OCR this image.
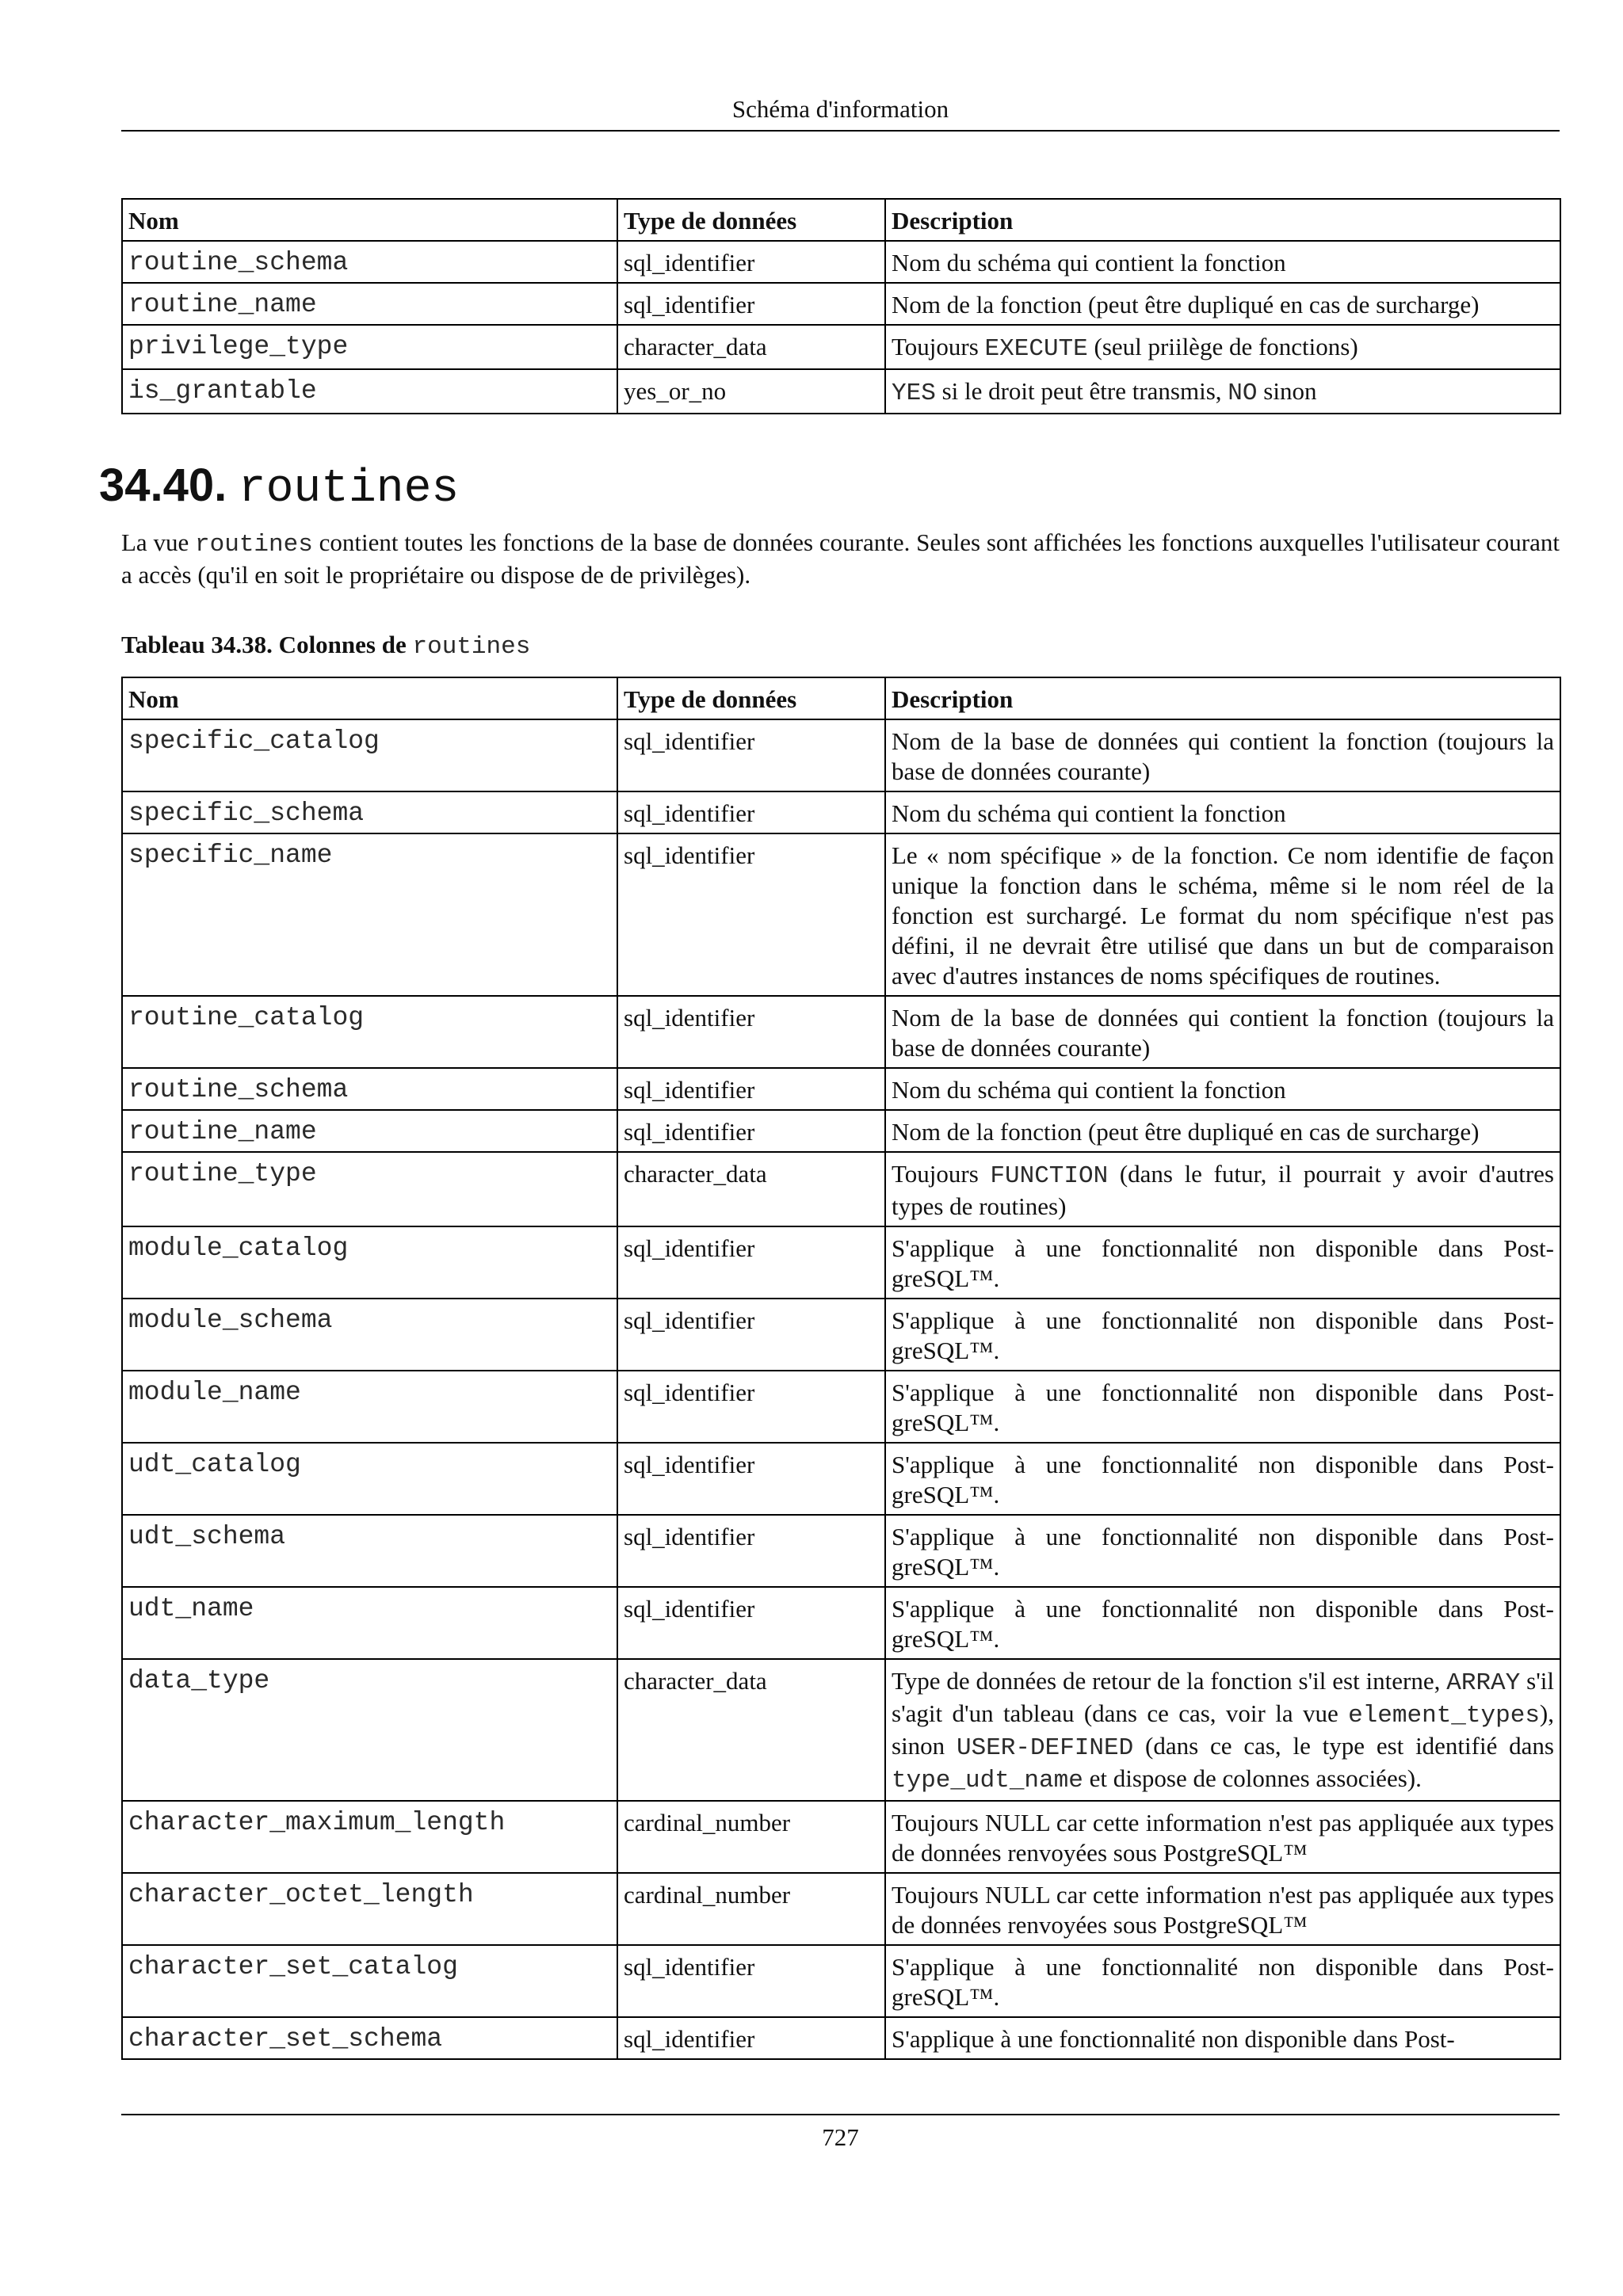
Schéma d'information
Nom	Type de données	Description
routine_schema	sql_identifier	Nom du schéma qui contient la fonction
routine_name	sql_identifier	Nom de la fonction (peut être dupliqué en cas de surcharge)
privilege_type	character_data	Toujours EXECUTE (seul priilège de fonctions)
is_grantable	yes_or_no	YES si le droit peut être transmis, NO sinon
34.40. routines
La vue routines contient toutes les fonctions de la base de données courante. Seules sont affichées les fonctions auxquelles l'utilisateur courant a accès (qu'il en soit le propriétaire ou dispose de de privilèges).
Tableau 34.38. Colonnes de routines
Nom	Type de données	Description
specific_catalog	sql_identifier	Nom de la base de données qui contient la fonction (toujours la base de données courante)
specific_schema	sql_identifier	Nom du schéma qui contient la fonction
specific_name	sql_identifier	Le « nom spécifique » de la fonction. Ce nom identifie de façon unique la fonction dans le schéma, même si le nom réel de la fonction est surchargé. Le format du nom spécifique n'est pas défini, il ne devrait être utilisé que dans un but de comparaison avec d'autres instances de noms spécifiques de routines.
routine_catalog	sql_identifier	Nom de la base de données qui contient la fonction (toujours la base de données courante)
routine_schema	sql_identifier	Nom du schéma qui contient la fonction
routine_name	sql_identifier	Nom de la fonction (peut être dupliqué en cas de surcharge)
routine_type	character_data	Toujours FUNCTION (dans le futur, il pourrait y avoir d'autres types de routines)
module_catalog	sql_identifier	S'applique à une fonctionnalité non disponible dans PostgreSQL™.
module_schema	sql_identifier	S'applique à une fonctionnalité non disponible dans PostgreSQL™.
module_name	sql_identifier	S'applique à une fonctionnalité non disponible dans PostgreSQL™.
udt_catalog	sql_identifier	S'applique à une fonctionnalité non disponible dans PostgreSQL™.
udt_schema	sql_identifier	S'applique à une fonctionnalité non disponible dans PostgreSQL™.
udt_name	sql_identifier	S'applique à une fonctionnalité non disponible dans PostgreSQL™.
data_type	character_data	Type de données de retour de la fonction s'il est interne, ARRAY s'il s'agit d'un tableau (dans ce cas, voir la vue element_types), sinon USER-DEFINED (dans ce cas, le type est identifié dans type_udt_name et dispose de colonnes associées).
character_maximum_length	cardinal_number	Toujours NULL car cette information n'est pas appliquée aux types de données renvoyées sous PostgreSQL™
character_octet_length	cardinal_number	Toujours NULL car cette information n'est pas appliquée aux types de données renvoyées sous PostgreSQL™
character_set_catalog	sql_identifier	S'applique à une fonctionnalité non disponible dans PostgreSQL™.
character_set_schema	sql_identifier	S'applique à une fonctionnalité non disponible dans Post-
727
